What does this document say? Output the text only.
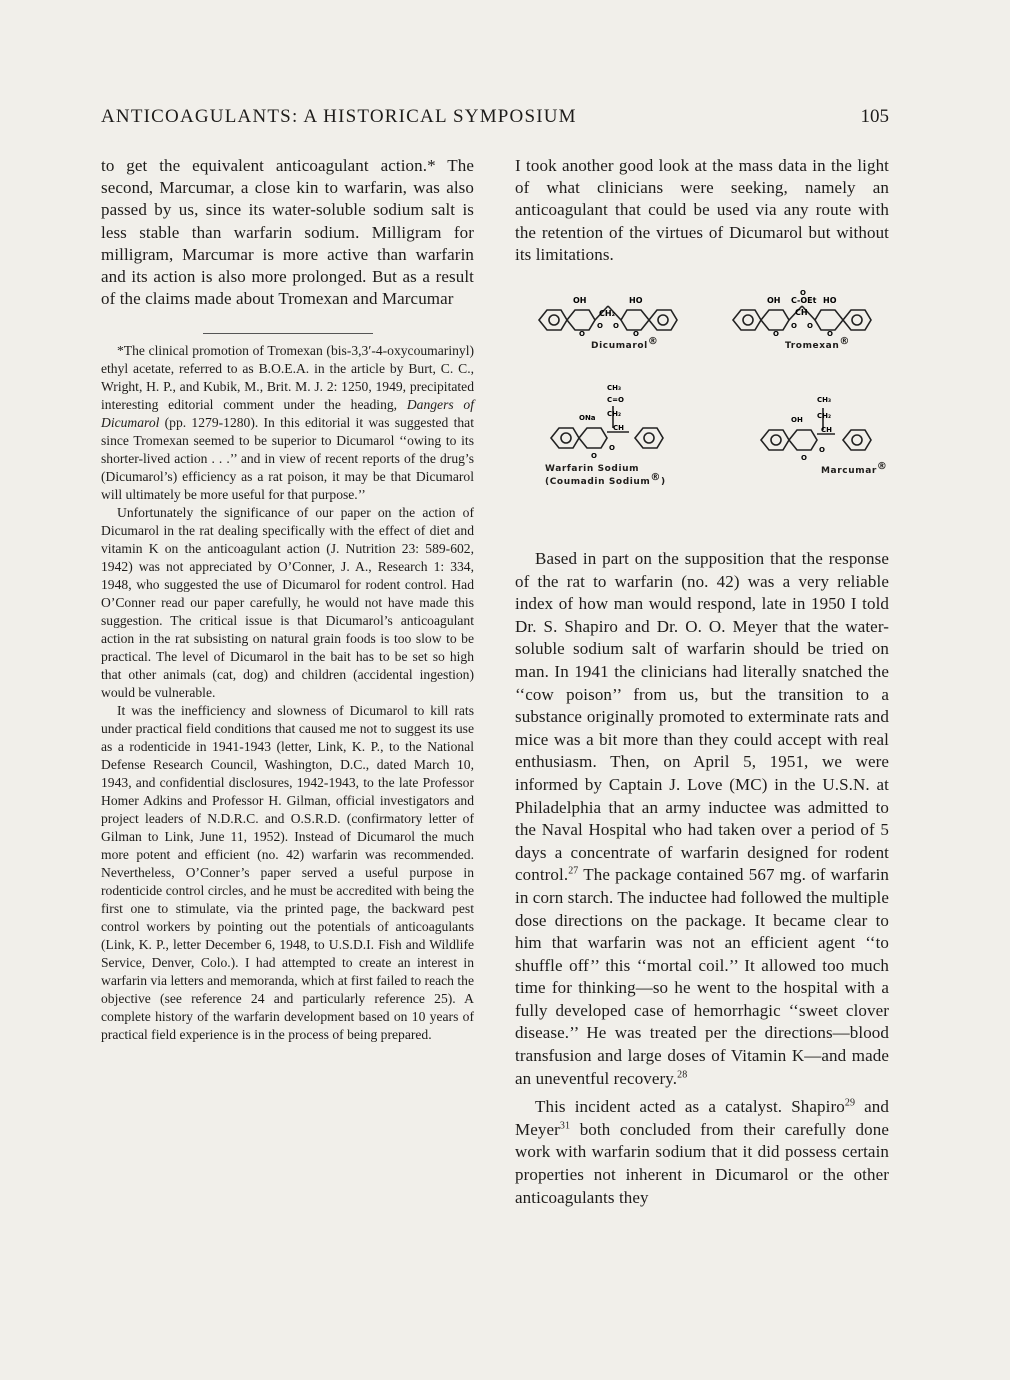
ANTICOAGULANTS: A HISTORICAL SYMPOSIUM	105

to get the equivalent anticoagulant action.* The second, Marcumar, a close kin to warfarin, was also passed by us, since its water-soluble sodium salt is less stable than warfarin sodium. Milligram for milligram, Marcumar is more active than warfarin and its action is also more prolonged. But as a result of the claims made about Tromexan and Marcumar

*The clinical promotion of Tromexan (bis-3,3′-4-oxycoumarinyl) ethyl acetate, referred to as B.O.E.A. in the article by Burt, C. C., Wright, H. P., and Kubik, M., Brit. M. J. 2: 1250, 1949, precipitated interesting editorial comment under the heading, Dangers of Dicumarol (pp. 1279-1280). In this editorial it was suggested that since Tromexan seemed to be superior to Dicumarol ‘‘owing to its shorter-lived action . . .’’ and in view of recent reports of the drug’s (Dicumarol’s) efficiency as a rat poison, it may be that Dicumarol will ultimately be more useful for that purpose.’’

Unfortunately the significance of our paper on the action of Dicumarol in the rat dealing specifically with the effect of diet and vitamin K on the anticoagulant action (J. Nutrition 23: 589-602, 1942) was not appreciated by O’Conner, J. A., Research 1: 334, 1948, who suggested the use of Dicumarol for rodent control. Had O’Conner read our paper carefully, he would not have made this suggestion. The critical issue is that Dicumarol’s anticoagulant action in the rat subsisting on natural grain foods is too slow to be practical. The level of Dicumarol in the bait has to be set so high that other animals (cat, dog) and children (accidental ingestion) would be vulnerable.

It was the inefficiency and slowness of Dicumarol to kill rats under practical field conditions that caused me not to suggest its use as a rodenticide in 1941-1943 (letter, Link, K. P., to the National Defense Research Council, Washington, D.C., dated March 10, 1943, and confidential disclosures, 1942-1943, to the late Professor Homer Adkins and Professor H. Gilman, official investigators and project leaders of N.D.R.C. and O.S.R.D. (confirmatory letter of Gilman to Link, June 11, 1952). Instead of Dicumarol the much more potent and efficient (no. 42) warfarin was recommended. Nevertheless, O’Conner’s paper served a useful purpose in rodenticide control circles, and he must be accredited with being the first one to stimulate, via the printed page, the backward pest control workers by pointing out the potentials of anticoagulants (Link, K. P., letter December 6, 1948, to U.S.D.I. Fish and Wildlife Service, Denver, Colo.). I had attempted to create an interest in warfarin via letters and memoranda, which at first failed to reach the objective (see reference 24 and particularly reference 25). A complete history of the warfarin development based on 10 years of practical field experience is in the process of being prepared.

I took another good look at the mass data in the light of what clinicians were seeking, namely an anticoagulant that could be used via any route with the retention of the virtues of Dicumarol but without its limitations.

OH	HO
CH₂
O
O O
O
Dicumarol®
OH	HO
O
C-OEt
CH
O
O O
O
Tromexan®
CH₃
C=O
ONa CH₂
CH
O
O
Warfarin Sodium
(Coumadin Sodium®)
CH₃
OH CH₂
CH
O
O
Marcumar®

Based in part on the supposition that the response of the rat to warfarin (no. 42) was a very reliable index of how man would respond, late in 1950 I told Dr. S. Shapiro and Dr. O. O. Meyer that the water-soluble sodium salt of warfarin should be tried on man. In 1941 the clinicians had literally snatched the ‘‘cow poison’’ from us, but the transition to a substance originally promoted to exterminate rats and mice was a bit more than they could accept with real enthusiasm. Then, on April 5, 1951, we were informed by Captain J. Love (MC) in the U.S.N. at Philadelphia that an army inductee was admitted to the Naval Hospital who had taken over a period of 5 days a concentrate of warfarin designed for rodent control.$^{27}$ The package contained 567 mg. of warfarin in corn starch. The inductee had followed the multiple dose directions on the package. It became clear to him that warfarin was not an efficient agent ‘‘to shuffle off’’ this ‘‘mortal coil.’’ It allowed too much time for thinking—so he went to the hospital with a fully developed case of hemorrhagic ‘‘sweet clover disease.’’ He was treated per the directions—blood transfusion and large doses of Vitamin K—and made an uneventful recovery.$^{28}$

This incident acted as a catalyst. Shapiro$^{29}$ and Meyer$^{31}$ both concluded from their carefully done work with warfarin sodium that it did possess certain properties not inherent in Dicumarol or the other anticoagulants they
